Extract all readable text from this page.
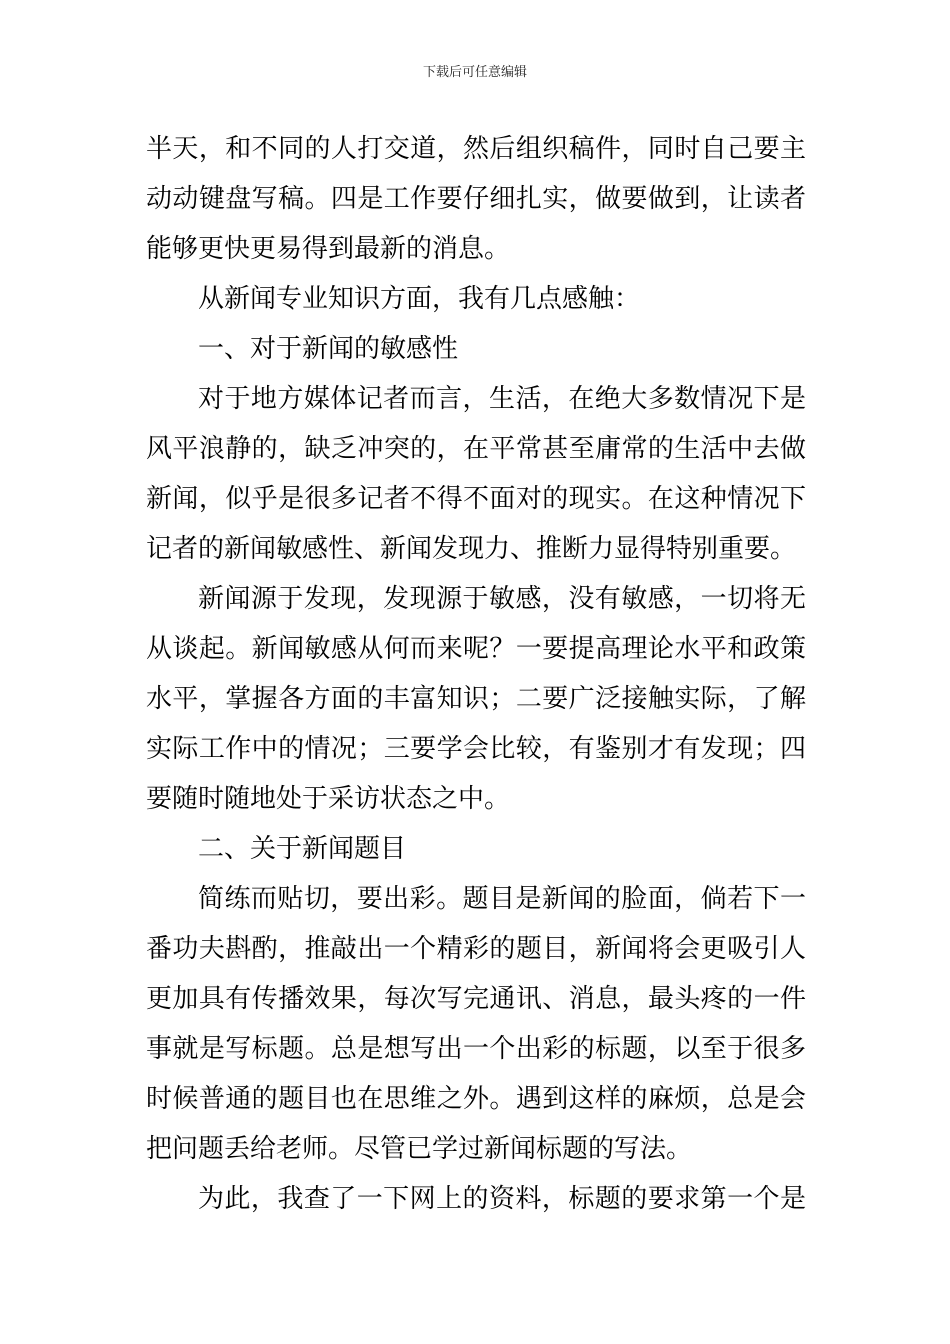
下载后可任意编辑
半天，和不同的人打交道，然后组织稿件，同时自己要主
动动键盘写稿。四是工作要仔细扎实，做要做到，让读者
能够更快更易得到最新的消息。
从新闻专业知识方面，我有几点感触：
一、对于新闻的敏感性
对于地方媒体记者而言，生活，在绝大多数情况下是
风平浪静的，缺乏冲突的，在平常甚至庸常的生活中去做
新闻，似乎是很多记者不得不面对的现实。在这种情况下
记者的新闻敏感性、新闻发现力、推断力显得特别重要。
新闻源于发现，发现源于敏感，没有敏感，一切将无
从谈起。新闻敏感从何而来呢？一要提高理论水平和政策
水平，掌握各方面的丰富知识；二要广泛接触实际，了解
实际工作中的情况；三要学会比较，有鉴别才有发现；四
要随时随地处于采访状态之中。
二、关于新闻题目
简练而贴切，要出彩。题目是新闻的脸面，倘若下一
番功夫斟酌，推敲出一个精彩的题目，新闻将会更吸引人
更加具有传播效果，每次写完通讯、消息，最头疼的一件
事就是写标题。总是想写出一个出彩的标题，以至于很多
时候普通的题目也在思维之外。遇到这样的麻烦，总是会
把问题丢给老师。尽管已学过新闻标题的写法。
为此，我查了一下网上的资料，标题的要求第一个是
